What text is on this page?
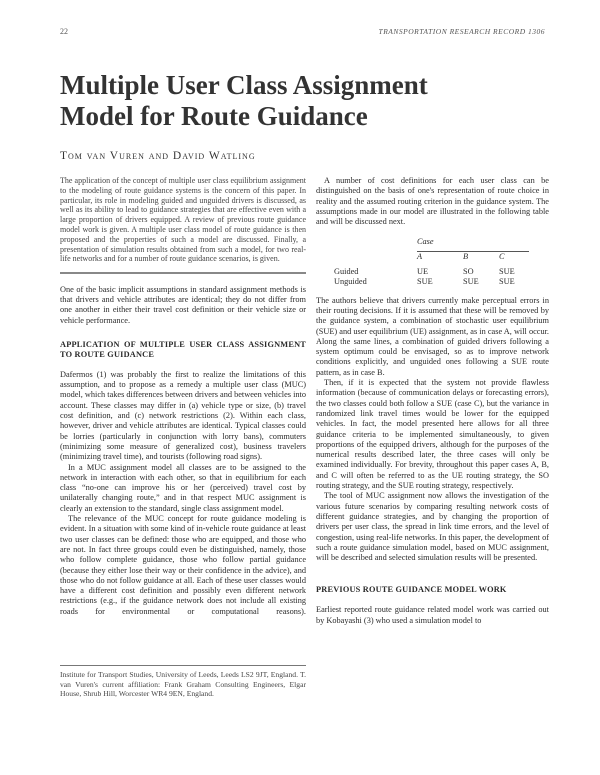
22	TRANSPORTATION RESEARCH RECORD 1306
Multiple User Class Assignment Model for Route Guidance
Tom van Vuren and David Watling

The application of the concept of multiple user class equilibrium assignment to the modeling of route guidance systems is the concern of this paper. In particular, its role in modeling guided and unguided drivers is discussed, as well as its ability to lead to guidance strategies that are effective even with a large proportion of drivers equipped. A review of previous route guidance model work is given. A multiple user class model of route guidance is then proposed and the properties of such a model are discussed. Finally, a presentation of simulation results obtained from such a model, for two real-life networks and for a number of route guidance scenarios, is given.

One of the basic implicit assumptions in standard assignment methods is that drivers and vehicle attributes are identical; they do not differ from one another in either their travel cost definition or their vehicle size or vehicle performance.

APPLICATION OF MULTIPLE USER CLASS ASSIGNMENT TO ROUTE GUIDANCE

Dafermos (1) was probably the first to realize the limitations of this assumption, and to propose as a remedy a multiple user class (MUC) model, which takes differences between drivers and between vehicles into account. These classes may differ in (a) vehicle type or size, (b) travel cost definition, and (c) network restrictions (2). Within each class, however, driver and vehicle attributes are identical. Typical classes could be lorries (particularly in conjunction with lorry bans), commuters (minimizing some measure of generalized cost), business travelers (minimizing travel time), and tourists (following road signs).

In a MUC assignment model all classes are to be assigned to the network in interaction with each other, so that in equilibrium for each class “no-one can improve his or her (perceived) travel cost by unilaterally changing route,” and in that respect MUC assignment is clearly an extension to the standard, single class assignment model.

The relevance of the MUC concept for route guidance modeling is evident. In a situation with some kind of in-vehicle route guidance at least two user classes can be defined: those who are equipped, and those who are not. In fact three groups could even be distinguished, namely, those who follow complete guidance, those who follow partial guidance (because they either lose their way or their confidence in the advice), and those who do not follow guidance at all. Each of these user classes would have a different cost definition and possibly even different network restrictions (e.g., if the guidance network does not include all existing roads for environmental or computational reasons).

Institute for Transport Studies, University of Leeds, Leeds LS2 9JT, England. T. van Vuren's current affiliation: Frank Graham Consulting Engineers, Elgar House, Shrub Hill, Worcester WR4 9EN, England.

A number of cost definitions for each user class can be distinguished on the basis of one's representation of route choice in reality and the assumed routing criterion in the guidance system. The assumptions made in our model are illustrated in the following table and will be discussed next.

	Case		
	A	B	C
Guided	UE	SO	SUE
Unguided	SUE	SUE	SUE

The authors believe that drivers currently make perceptual errors in their routing decisions. If it is assumed that these will be removed by the guidance system, a combination of stochastic user equilibrium (SUE) and user equilibrium (UE) assignment, as in case A, will occur. Along the same lines, a combination of guided drivers following a system optimum could be envisaged, so as to improve network conditions explicitly, and unguided ones following a SUE route pattern, as in case B.

Then, if it is expected that the system not provide flawless information (because of communication delays or forecasting errors), the two classes could both follow a SUE (case C), but the variance in randomized link travel times would be lower for the equipped vehicles. In fact, the model presented here allows for all three guidance criteria to be implemented simultaneously, to given proportions of the equipped drivers, although for the purposes of the numerical results described later, the three cases will only be examined individually. For brevity, throughout this paper cases A, B, and C will often be referred to as the UE routing strategy, the SO routing strategy, and the SUE routing strategy, respectively.

The tool of MUC assignment now allows the investigation of the various future scenarios by comparing resulting network costs of different guidance strategies, and by changing the proportion of drivers per user class, the spread in link time errors, and the level of congestion, using real-life networks. In this paper, the development of such a route guidance simulation model, based on MUC assignment, will be described and selected simulation results will be presented.

PREVIOUS ROUTE GUIDANCE MODEL WORK

Earliest reported route guidance related model work was carried out by Kobayashi (3) who used a simulation model to
